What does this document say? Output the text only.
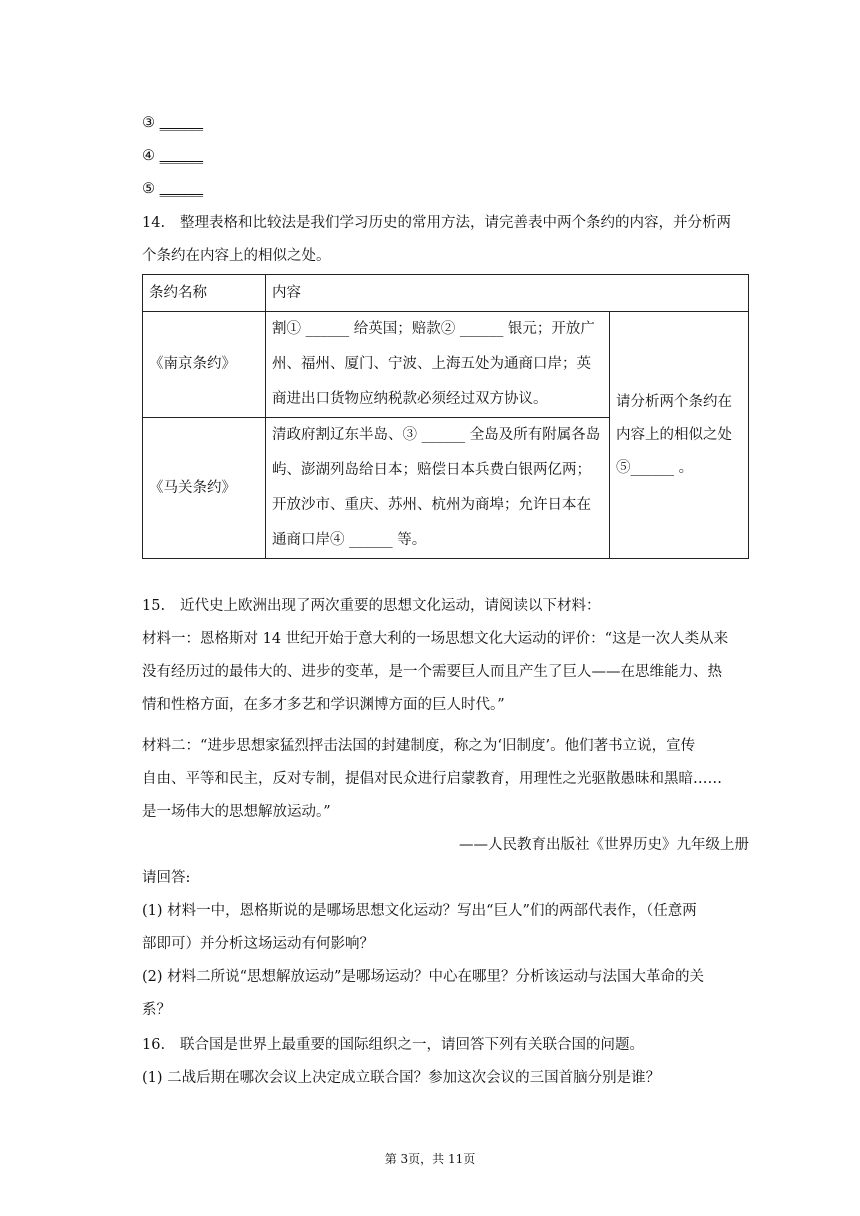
③ ______
④ ______
⑤ ______
14. 整理表格和比较法是我们学习历史的常用方法，请完善表中两个条约的内容，并分析两
个条约在内容上的相似之处。
条约名称	内容	
《南京条约》	割① ______ 给英国；赔款② ______ 银元；开放广州、福州、厦门、宁波、上海五处为通商口岸；英商进出口货物应纳税款必须经过双方协议。	请分析两个条约在内容上的相似之处⑤______ 。
《马关条约》	清政府割辽东半岛、③ ______ 全岛及所有附属各岛屿、澎湖列岛给日本；赔偿日本兵费白银两亿两；开放沙市、重庆、苏州、杭州为商埠；允许日本在通商口岸④ ______ 等。	
15. 近代史上欧洲出现了两次重要的思想文化运动，请阅读以下材料：
材料一：恩格斯对 14 世纪开始于意大利的一场思想文化大运动的评价：“这是一次人类从来
没有经历过的最伟大的、进步的变革，是一个需要巨人而且产生了巨人——在思维能力、热
情和性格方面，在多才多艺和学识渊博方面的巨人时代。”
材料二：“进步思想家猛烈抨击法国的封建制度，称之为‘旧制度’。他们著书立说，宣传
自由、平等和民主，反对专制，提倡对民众进行启蒙教育，用理性之光驱散愚昧和黑暗……
是一场伟大的思想解放运动。”
——人民教育出版社《世界历史》九年级上册
请回答:
(1) 材料一中，恩格斯说的是哪场思想文化运动？写出“巨人”们的两部代表作，（任意两
部即可）并分析这场运动有何影响？
(2) 材料二所说“思想解放运动”是哪场运动？中心在哪里？分析该运动与法国大革命的关
系？
16. 联合国是世界上最重要的国际组织之一，请回答下列有关联合国的问题。
(1) 二战后期在哪次会议上决定成立联合国？参加这次会议的三国首脑分别是谁？
第 3页，共 11页
